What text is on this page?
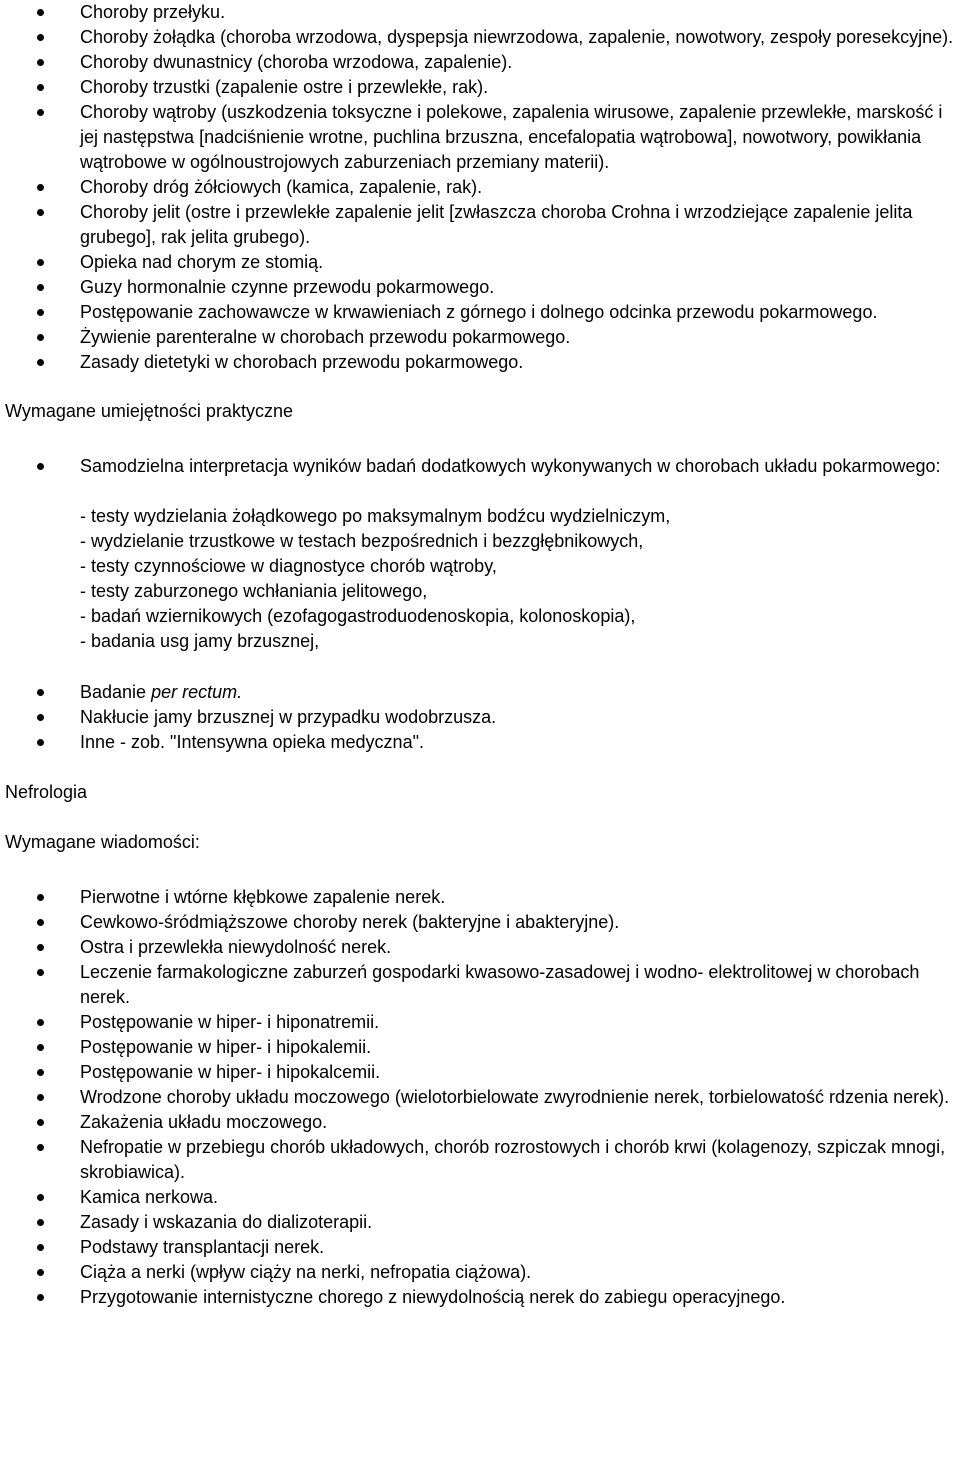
Choroby przełyku.
Choroby żołądka (choroba wrzodowa, dyspepsja niewrzodowa, zapalenie, nowotwory, zespoły poresekcyjne).
Choroby dwunastnicy (choroba wrzodowa, zapalenie).
Choroby trzustki (zapalenie ostre i przewlekłe, rak).
Choroby wątroby (uszkodzenia toksyczne i polekowe, zapalenia wirusowe, zapalenie przewlekłe, marskość i jej następstwa [nadciśnienie wrotne, puchlina brzuszna, encefalopatia wątrobowa], nowotwory, powikłania wątrobowe w ogólnoustrojowych zaburzeniach przemiany materii).
Choroby dróg żółciowych (kamica, zapalenie, rak).
Choroby jelit (ostre i przewlekłe zapalenie jelit [zwłaszcza choroba Crohna i wrzodziejące zapalenie jelita grubego], rak jelita grubego).
Opieka nad chorym ze stomią.
Guzy hormonalnie czynne przewodu pokarmowego.
Postępowanie zachowawcze w krwawieniach z górnego i dolnego odcinka przewodu pokarmowego.
Żywienie parenteralne w chorobach przewodu pokarmowego.
Zasady dietetyki w chorobach przewodu pokarmowego.
Wymagane umiejętności praktyczne
Samodzielna interpretacja wyników badań dodatkowych wykonywanych w chorobach układu pokarmowego:
- testy wydzielania żołądkowego po maksymalnym bodźcu wydzielniczym,
- wydzielanie trzustkowe w testach bezpośrednich i bezzgłębnikowych,
- testy czynnościowe w diagnostyce chorób wątroby,
- testy zaburzonego wchłaniania jelitowego,
- badań wziernikowych (ezofagogastroduodenoskopia, kolonoskopia),
- badania usg jamy brzusznej,
Badanie per rectum.
Nakłucie jamy brzusznej w przypadku wodobrzusza.
Inne - zob. "Intensywna opieka medyczna".
Nefrologia
Wymagane wiadomości:
Pierwotne i wtórne kłębkowe zapalenie nerek.
Cewkowo-śródmiąższowe choroby nerek (bakteryjne i abakteryjne).
Ostra i przewlekła niewydolność nerek.
Leczenie farmakologiczne zaburzeń gospodarki kwasowo-zasadowej i wodno- elektrolitowej w chorobach nerek.
Postępowanie w hiper- i hiponatremii.
Postępowanie w hiper- i hipokalemii.
Postępowanie w hiper- i hipokalcemii.
Wrodzone choroby układu moczowego (wielotorbielowate zwyrodnienie nerek, torbielowatość rdzenia nerek).
Zakażenia układu moczowego.
Nefropatie w przebiegu chorób układowych, chorób rozrostowych i chorób krwi (kolagenozy, szpiczak mnogi, skrobiawica).
Kamica nerkowa.
Zasady i wskazania do dializoterapii.
Podstawy transplantacji nerek.
Ciąża a nerki (wpływ ciąży na nerki, nefropatia ciążowa).
Przygotowanie internistyczne chorego z niewydolnością nerek do zabiegu operacyjnego.
